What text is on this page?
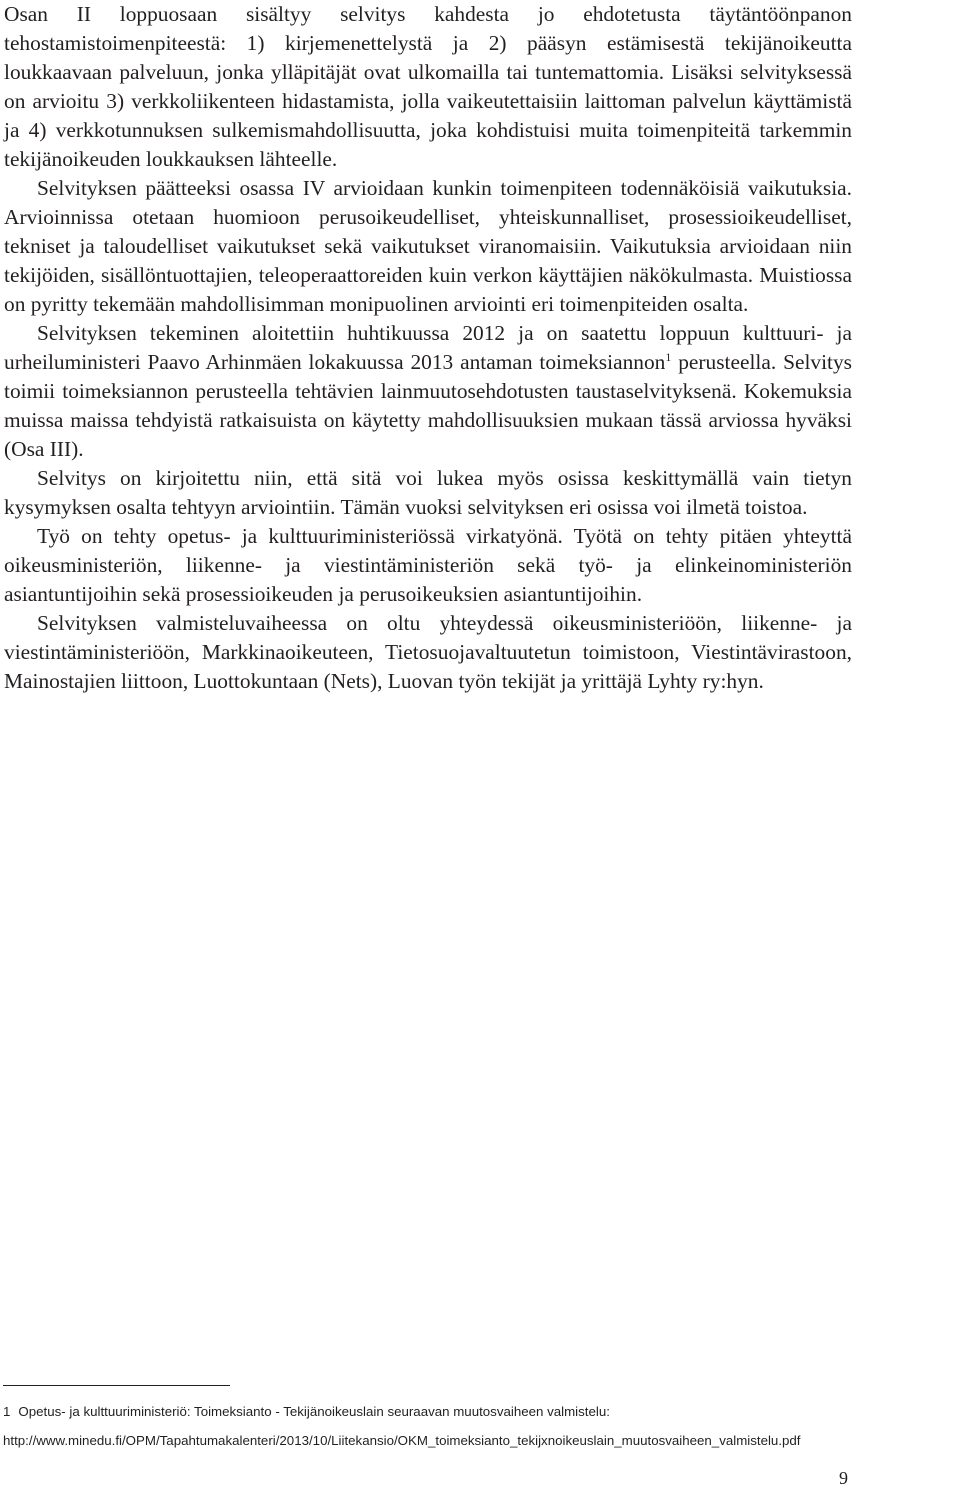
Osan II loppuosaan sisältyy selvitys kahdesta jo ehdotetusta täytäntöönpanon tehostamistoimenpiteestä: 1) kirjemenettelystä ja 2) pääsyn estämisestä tekijänoikeutta loukkaavaan palveluun, jonka ylläpitäjät ovat ulkomailla tai tuntemattomia. Lisäksi selvityksessä on arvioitu 3) verkkoliikenteen hidastamista, jolla vaikeutettaisiin laittoman palvelun käyttämistä ja 4) verkkotunnuksen sulkemismahdollisuutta, joka kohdistuisi muita toimenpiteitä tarkemmin tekijänoikeuden loukkauksen lähteelle.

Selvityksen päätteeksi osassa IV arvioidaan kunkin toimenpiteen todennäköisiä vaikutuksia. Arvioinnissa otetaan huomioon perusoikeudelliset, yhteiskunnalliset, prosessioikeudelliset, tekniset ja taloudelliset vaikutukset sekä vaikutukset viranomaisiin. Vaikutuksia arvioidaan niin tekijöiden, sisällöntuottajien, teleoperaattoreiden kuin verkon käyttäjien näkökulmasta. Muistiossa on pyritty tekemään mahdollisimman monipuolinen arviointi eri toimenpiteiden osalta.

Selvityksen tekeminen aloitettiin huhtikuussa 2012 ja on saatettu loppuun kulttuuri- ja urheiluministeri Paavo Arhinmäen lokakuussa 2013 antaman toimeksiannon$^1$ perusteella. Selvitys toimii toimeksiannon perusteella tehtävien lainmuutosehdotusten taustaselvityksenä. Kokemuksia muissa maissa tehdyistä ratkaisuista on käytetty mahdollisuuksien mukaan tässä arviossa hyväksi (Osa III).

Selvitys on kirjoitettu niin, että sitä voi lukea myös osissa keskittymällä vain tietyn kysymyksen osalta tehtyyn arviointiin. Tämän vuoksi selvityksen eri osissa voi ilmetä toistoa.

Työ on tehty opetus- ja kulttuuriministeriössä virkatyönä. Työtä on tehty pitäen yhteyttä oikeusministeriön, liikenne- ja viestintäministeriön sekä työ- ja elinkeinoministeriön asiantuntijoihin sekä prosessioikeuden ja perusoikeuksien asiantuntijoihin.

Selvityksen valmisteluvaiheessa on oltu yhteydessä oikeusministeriöön, liikenne- ja viestintäministeriöön, Markkinaoikeuteen, Tietosuojavaltuutetun toimistoon, Viestintävirastoon, Mainostajien liittoon, Luottokuntaan (Nets), Luovan työn tekijät ja yrittäjä Lyhty ry:hyn.

1 Opetus- ja kulttuuriministeriö: Toimeksianto - Tekijänoikeuslain seuraavan muutosvaiheen valmistelu:
http://www.minedu.fi/OPM/Tapahtumakalenteri/2013/10/Liitekansio/OKM_toimeksianto_tekijxnoikeuslain_muutosvaiheen_valmistelu.pdf
9
